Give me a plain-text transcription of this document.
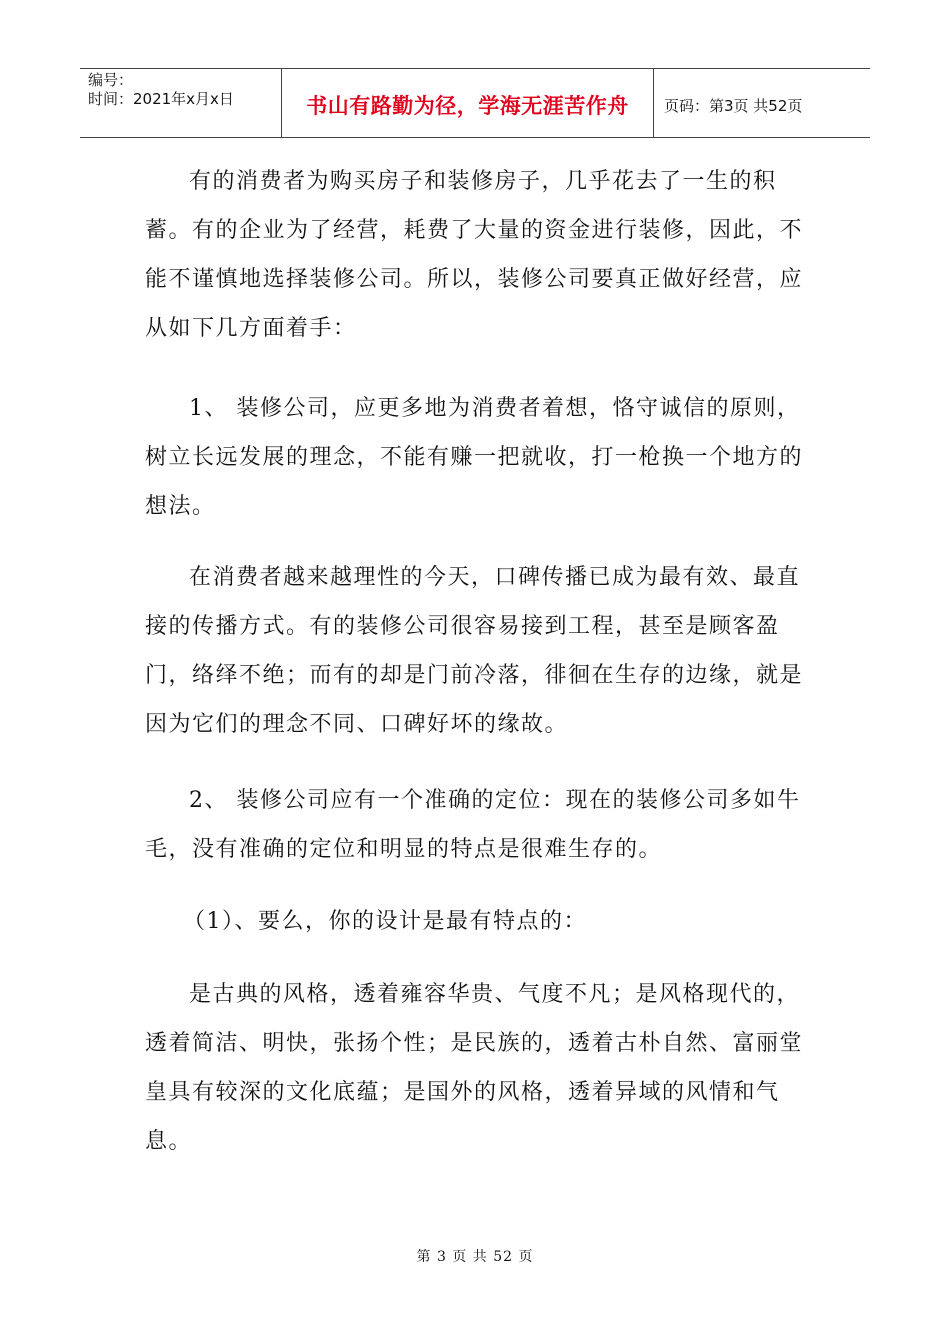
编号：
时间：2021年x月x日	书山有路勤为径，学海无涯苦作舟	页码：第3页 共52页

有的消费者为购买房子和装修房子，几乎花去了一生的积蓄。有的企业为了经营，耗费了大量的资金进行装修，因此，不能不谨慎地选择装修公司。所以，装修公司要真正做好经营，应从如下几方面着手：

1、 装修公司，应更多地为消费者着想，恪守诚信的原则，树立长远发展的理念，不能有赚一把就收，打一枪换一个地方的想法。

在消费者越来越理性的今天，口碑传播已成为最有效、最直接的传播方式。有的装修公司很容易接到工程，甚至是顾客盈门，络绎不绝；而有的却是门前冷落，徘徊在生存的边缘，就是因为它们的理念不同、口碑好坏的缘故。

2、 装修公司应有一个准确的定位：现在的装修公司多如牛毛，没有准确的定位和明显的特点是很难生存的。

（1）、要么，你的设计是最有特点的：

是古典的风格，透着雍容华贵、气度不凡；是风格现代的，透着简洁、明快，张扬个性；是民族的，透着古朴自然、富丽堂皇具有较深的文化底蕴；是国外的风格，透着异域的风情和气息。

第 3 页 共 52 页
